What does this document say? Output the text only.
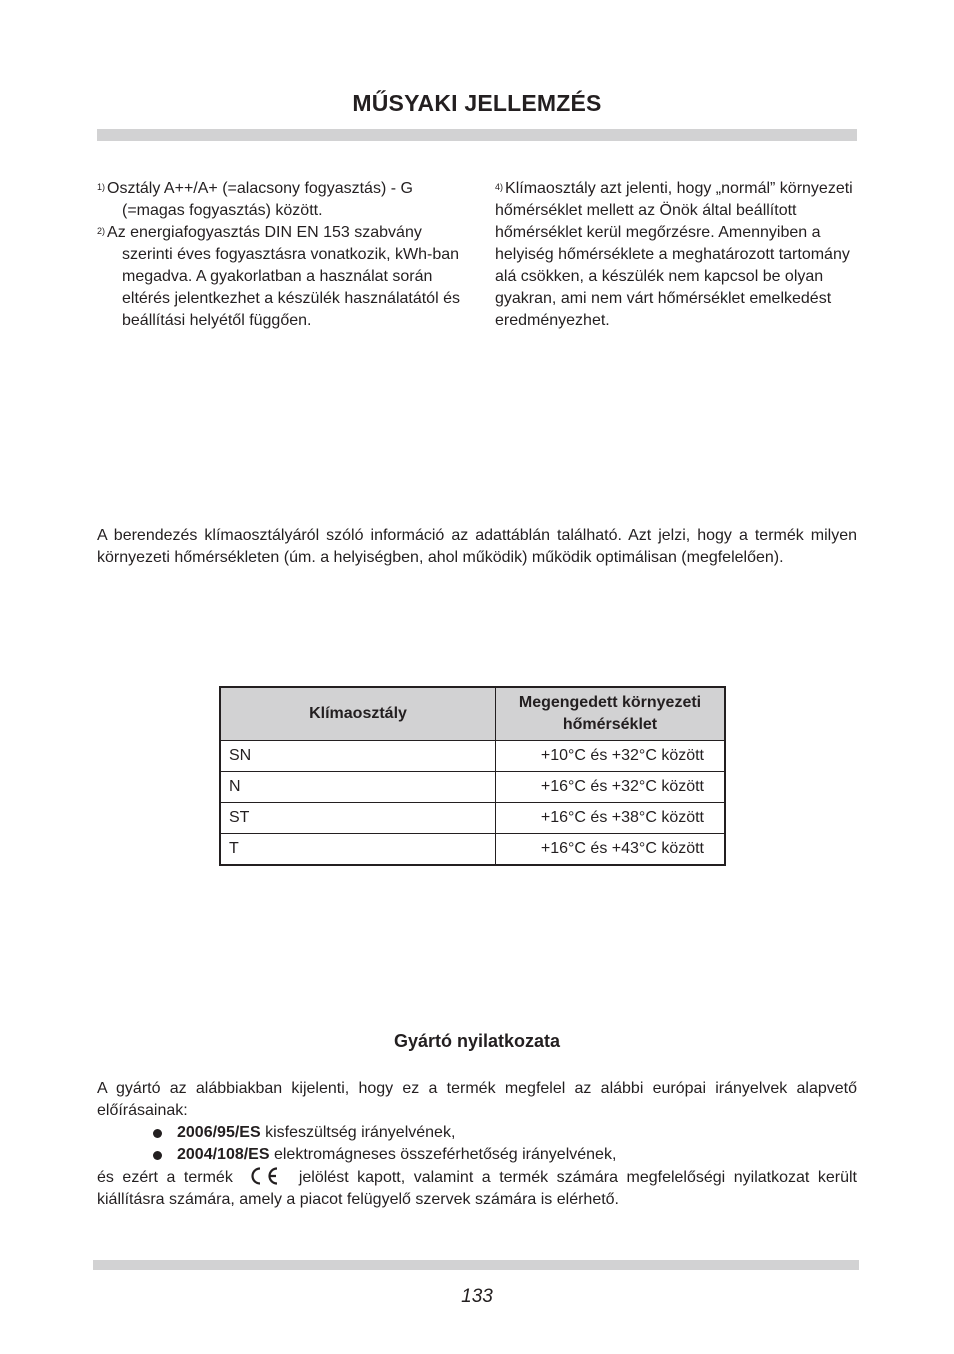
MŰSYAKI JELLEMZÉS

$^{1)}$ Osztály A++/A+ (=alacsony fogyasztás) - G (=magas fogyasztás) között.

$^{2)}$ Az energiafogyasztás DIN EN 153 szabvány szerinti éves fogyasztásra vonatkozik, kWh-ban megadva. A gyakorlatban a használat során eltérés jelentkezhet a készülék használatától és beállítási helyétől függően.

$^{4)}$ Klímaosztály azt jelenti, hogy „normál” környezeti hőmérséklet mellett az Önök által beállított hőmérséklet kerül megőrzésre. Amennyiben a helyiség hőmérséklete a meghatározott tartomány alá csökken, a készülék nem kapcsol be olyan gyakran, ami nem várt hőmérséklet emelkedést eredményezhet.

A berendezés klímaosztályáról szóló információ az adattáblán található. Azt jelzi, hogy a termék milyen környezeti hőmérsékleten (úm. a helyiségben, ahol működik) működik optimálisan (megfelelően).

Klímaosztály	Megengedett környezeti hőmérséklet
SN	+10°C és +32°C között
N	+16°C és +32°C között
ST	+16°C és +38°C között
T	+16°C és +43°C között
Gyártó nyilatkozata

A gyártó az alábbiakban kijelenti, hogy ez a termék megfelel az alábbi európai irányelvek alapvető előírásainak:

2006/95/ES kisfeszültség irányelvének,

2004/108/ES elektromágneses összeférhetőség irányelvének,

és ezért a termék	jelölést kapott, valamint a termék számára megfelelőségi nyilatkozat került kiállításra számára, amely a piacot felügyelő szervek számára is elérhető.

133
